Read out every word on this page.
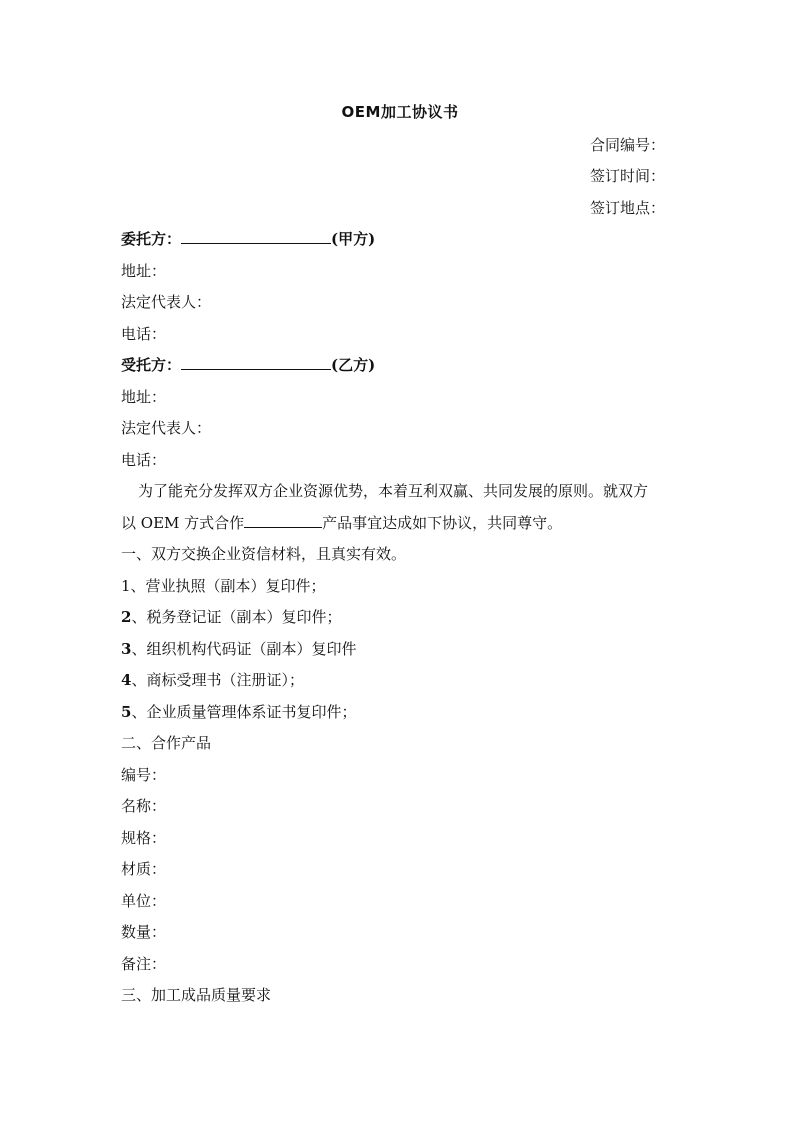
OEM加工协议书
合同编号：
签订时间：
签订地点：
委托方：	(甲方)
地址：
法定代表人：
电话：
受托方：	(乙方)
地址：
法定代表人：
电话：
为了能充分发挥双方企业资源优势，本着互利双赢、共同发展的原则。就双方
以 OEM 方式合作	产品事宜达成如下协议，共同尊守。
一、双方交换企业资信材料，且真实有效。
1、营业执照（副本）复印件；
2、税务登记证（副本）复印件；
3、组织机构代码证（副本）复印件
4、商标受理书（注册证）；
5、企业质量管理体系证书复印件；
二、合作产品
编号：
名称：
规格：
材质：
单位：
数量：
备注：
三、加工成品质量要求
